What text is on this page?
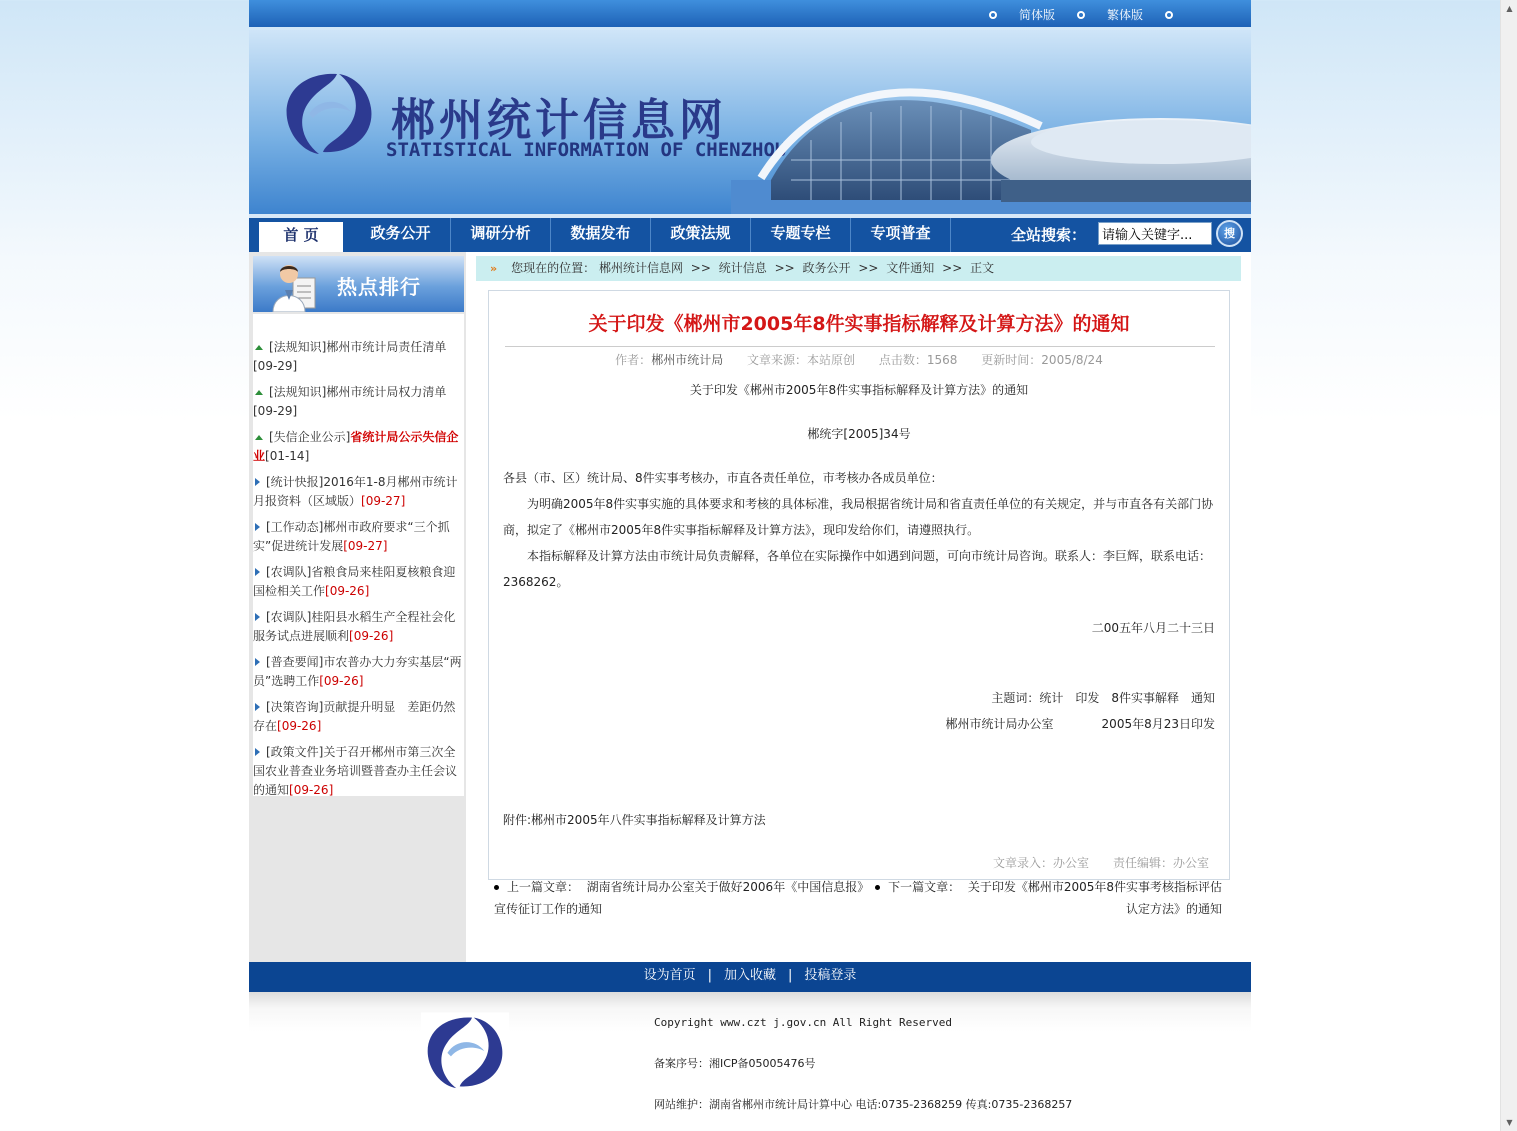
▲
▼
简体版	繁体版
郴州统计信息网
STATISTICAL INFORMATION OF CHENZHOU
首 页	政务公开	调研分析	数据发布	政策法规	专题专栏	专项普查	全站搜索：
请输入关键字...	搜
热点排行
[法规知识]郴州市统计局责任清单[09-29]
[法规知识]郴州市统计局权力清单[09-29]
[失信企业公示]省统计局公示失信企业[01-14]
[统计快报]2016年1-8月郴州市统计月报资料（区域版）[09-27]
[工作动态]郴州市政府要求“三个抓实”促进统计发展[09-27]
[农调队]省粮食局来桂阳夏核粮食迎国检相关工作[09-26]
[农调队]桂阳县水稻生产全程社会化服务试点进展顺利[09-26]
[普查要闻]市农普办大力夯实基层“两员”选聘工作[09-26]
[决策咨询]贡献提升明显　差距仍然存在[09-26]
[政策文件]关于召开郴州市第三次全国农业普查业务培训暨普查办主任会议的通知[09-26]
» 您现在的位置： 郴州统计信息网 >> 统计信息 >> 政务公开 >> 文件通知 >> 正文
关于印发《郴州市2005年8件实事指标解释及计算方法》的通知
作者：郴州市统计局 文章来源：本站原创 点击数：1568 更新时间：2005/8/24

关于印发《郴州市2005年8件实事指标解释及计算方法》的通知

郴统字[2005]34号

各县（市、区）统计局、8件实事考核办，市直各责任单位，市考核办各成员单位：

为明确2005年8件实事实施的具体要求和考核的具体标准，我局根据省统计局和省直责任单位的有关规定，并与市直各有关部门协商，拟定了《郴州市2005年8件实事指标解释及计算方法》，现印发给你们，请遵照执行。

本指标解释及计算方法由市统计局负责解释，各单位在实际操作中如遇到问题，可向市统计局咨询。联系人：李巨辉，联系电话：2368262。

二00五年八月二十三日

主题词：统计　印发　8件实事解释　通知

郴州市统计局办公室　　　　2005年8月23日印发

附件:郴州市2005年八件实事指标解释及计算方法

文章录入：办公室 责任编辑：办公室
上一篇文章： 湖南省统计局办公室关于做好2006年《中国信息报》宣传征订工作的通知
下一篇文章： 关于印发《郴州市2005年8件实事考核指标评估认定方法》的通知
设为首页 | 加入收藏 | 投稿登录
Copyright www.czt j.gov.cn All Right Reserved
备案序号：湘ICP备05005476号
网站维护：湖南省郴州市统计局计算中心 电话:0735-2368259 传真:0735-2368257
